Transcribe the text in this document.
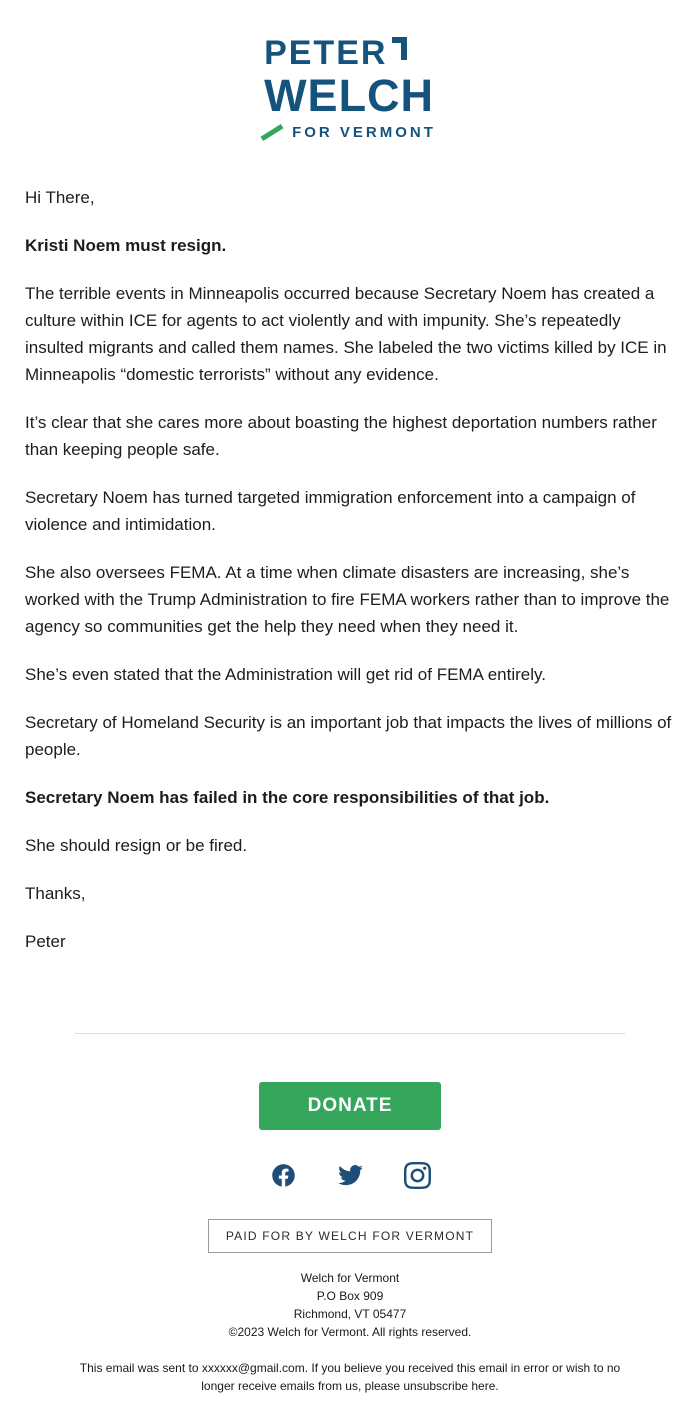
PETER
WELCH
FOR VERMONT

Hi There,

Kristi Noem must resign.

The terrible events in Minneapolis occurred because Secretary Noem has created a culture within ICE for agents to act violently and with impunity. She’s repeatedly insulted migrants and called them names. She labeled the two victims killed by ICE in Minneapolis “domestic terrorists” without any evidence.

It’s clear that she cares more about boasting the highest deportation numbers rather than keeping people safe.

Secretary Noem has turned targeted immigration enforcement into a campaign of violence and intimidation.

She also oversees FEMA. At a time when climate disasters are increasing, she’s worked with the Trump Administration to fire FEMA workers rather than to improve the agency so communities get the help they need when they need it.

She’s even stated that the Administration will get rid of FEMA entirely.

Secretary of Homeland Security is an important job that impacts the lives of millions of people.

Secretary Noem has failed in the core responsibilities of that job.

She should resign or be fired.

Thanks,

Peter

DONATE
PAID FOR BY WELCH FOR VERMONT
Welch for Vermont
P.O Box 909
Richmond, VT 05477
©2023 Welch for Vermont. All rights reserved.
This email was sent to xxxxxx@gmail.com. If you believe you received this email in error or wish to no longer receive emails from us, please unsubscribe here.
